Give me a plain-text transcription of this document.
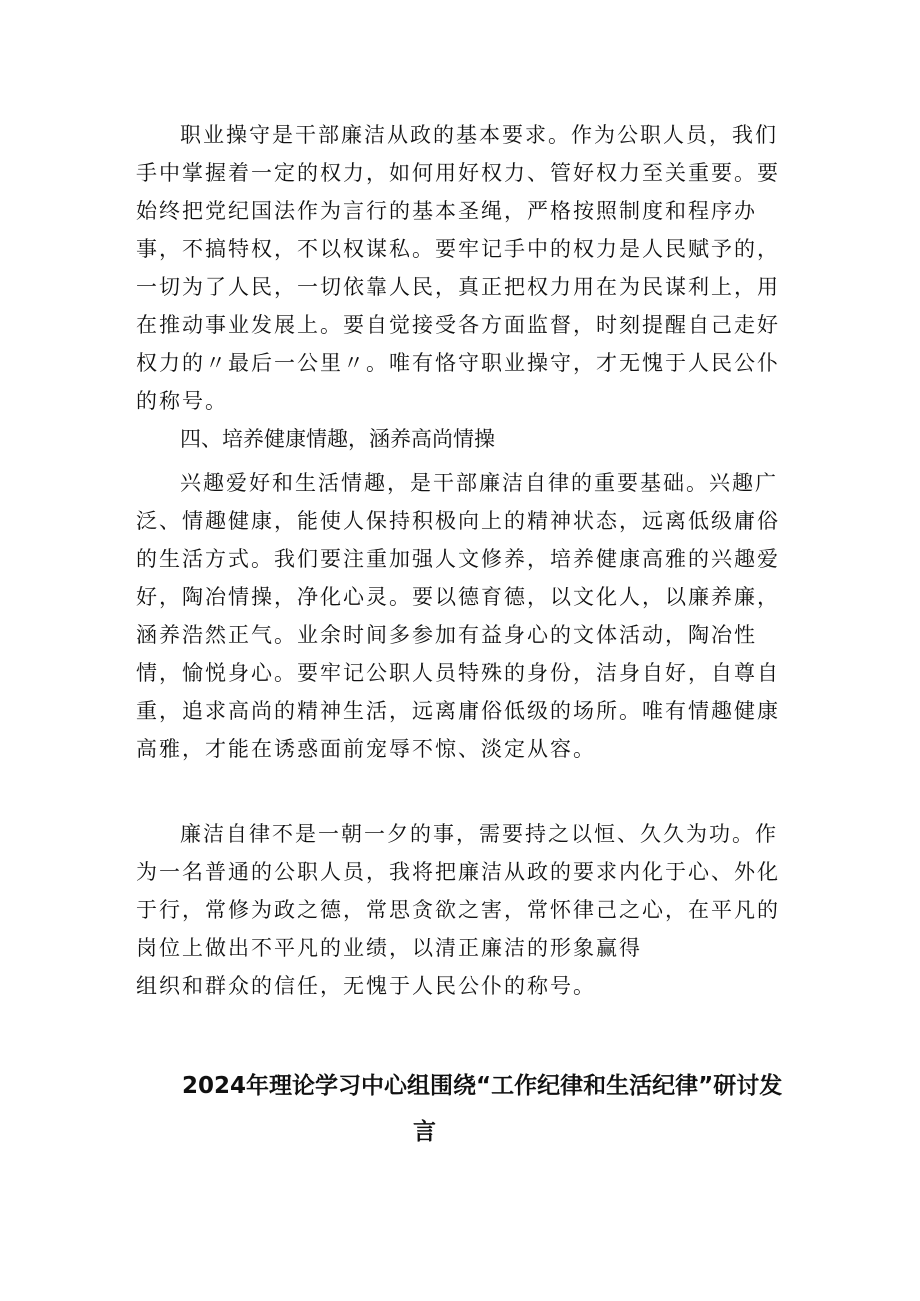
职业操守是干部廉洁从政的基本要求。作为公职人员，我们手中掌握着一定的权力，如何用好权力、管好权力至关重要。要始终把党纪国法作为言行的基本圣绳，严格按照制度和程序办事，不搞特权，不以权谋私。要牢记手中的权力是人民赋予的，一切为了人民，一切依靠人民，真正把权力用在为民谋利上，用在推动事业发展上。要自觉接受各方面监督，时刻提醒自己走好权力的〃最后一公里〃。唯有恪守职业操守，才无愧于人民公仆的称号。

四、培养健康情趣，涵养高尚情操

兴趣爱好和生活情趣，是干部廉洁自律的重要基础。兴趣广泛、情趣健康，能使人保持积极向上的精神状态，远离低级庸俗的生活方式。我们要注重加强人文修养，培养健康高雅的兴趣爱好，陶冶情操，净化心灵。要以德育德，以文化人，以廉养廉，涵养浩然正气。业余时间多参加有益身心的文体活动，陶冶性情，愉悦身心。要牢记公职人员特殊的身份，洁身自好，自尊自重，追求高尚的精神生活，远离庸俗低级的场所。唯有情趣健康高雅，才能在诱惑面前宠辱不惊、淡定从容。

廉洁自律不是一朝一夕的事，需要持之以恒、久久为功。作为一名普通的公职人员，我将把廉洁从政的要求内化于心、外化于行，常修为政之德，常思贪欲之害，常怀律己之心，在平凡的岗位上做出不平凡的业绩，以清正廉洁的形象赢得

组织和群众的信任，无愧于人民公仆的称号。

2024年理论学习中心组围绕“工作纪律和生活纪律”研讨发
言
